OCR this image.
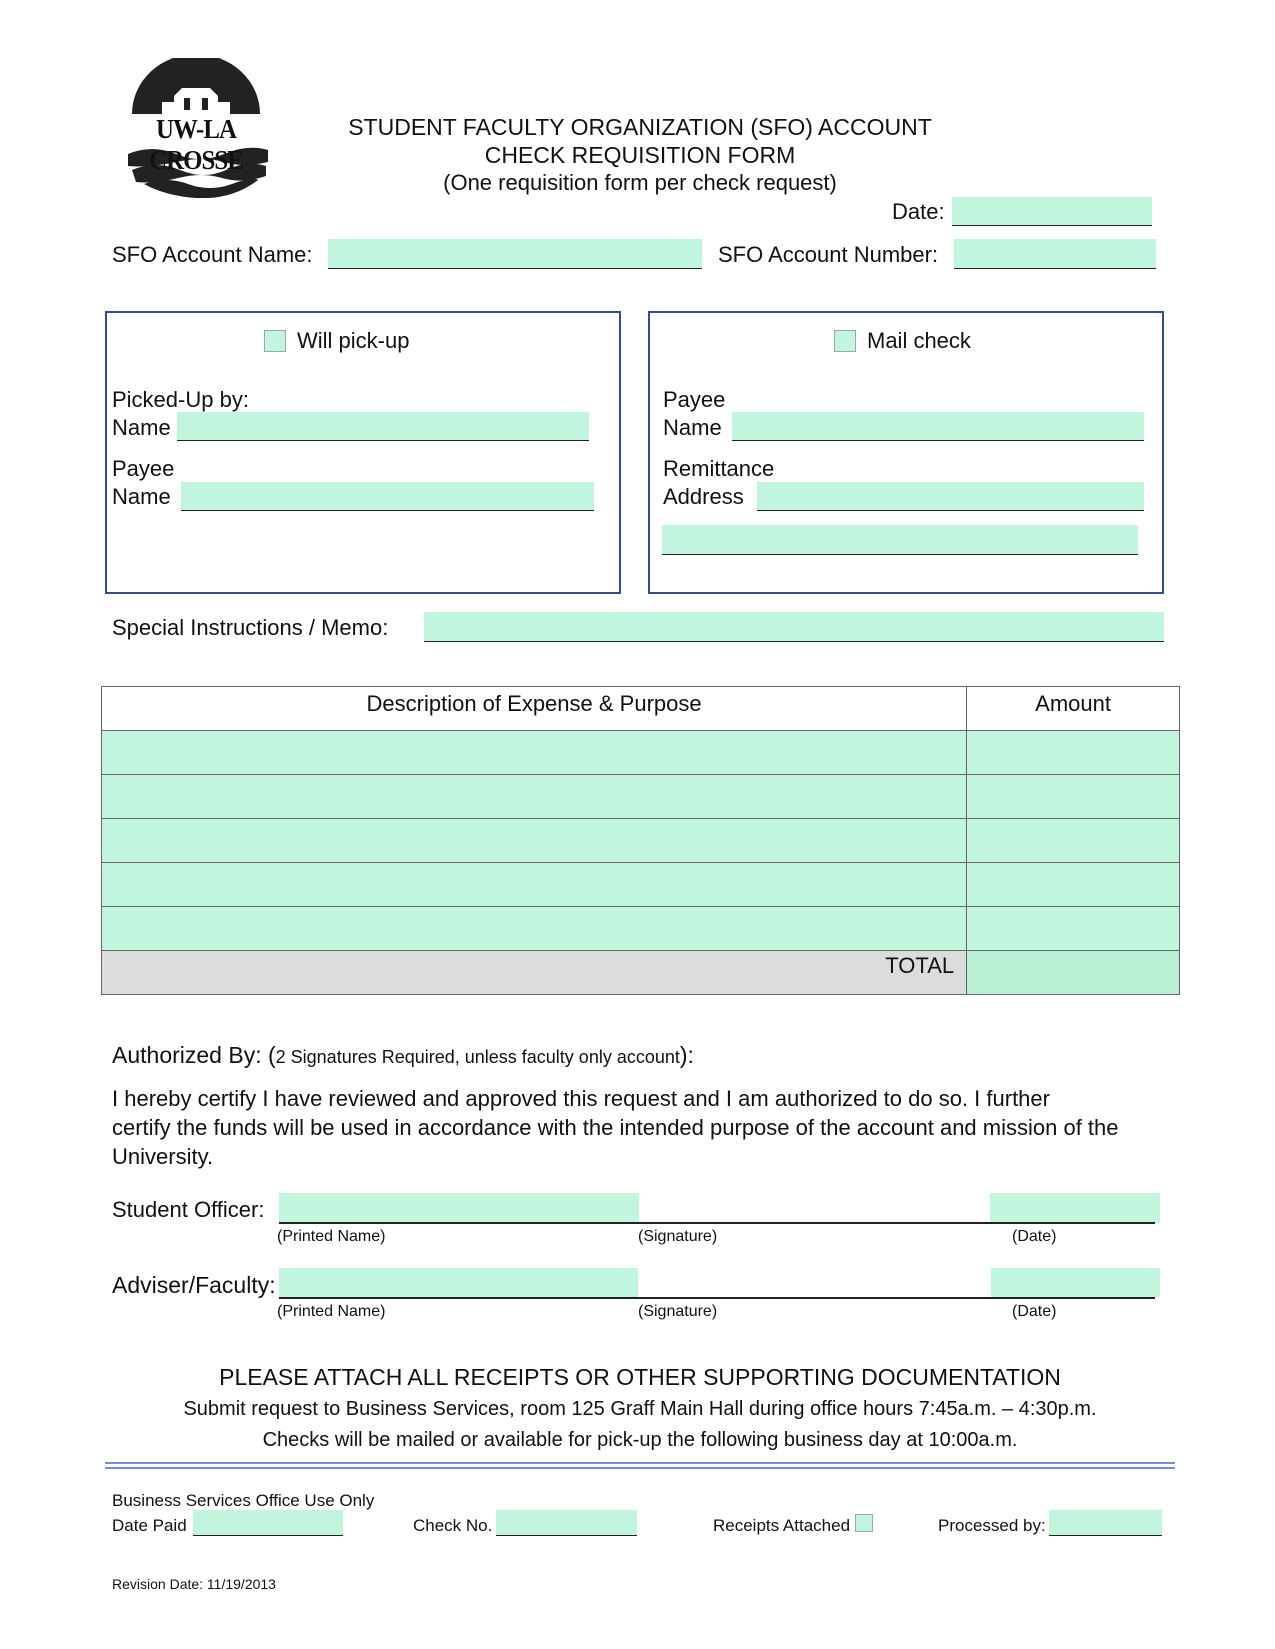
UW-LA CROSSE
STUDENT FACULTY ORGANIZATION (SFO) ACCOUNT
CHECK REQUISITION FORM
(One requisition form per check request)
Date:
SFO Account Name:	SFO Account Number:
Will pick-up
Picked-Up by:
Name
Payee
Name
Mail check
Payee
Name
Remittance
Address
Special Instructions / Memo:
Description of Expense & Purpose	Amount

TOTAL	
Authorized By: (2 Signatures Required, unless faculty only account):
I hereby certify I have reviewed and approved this request and I am authorized to do so. I further
certify the funds will be used in accordance with the intended purpose of the account and mission of the
University.
Student Officer:
(Printed Name)	(Signature)	(Date)
Adviser/Faculty:
(Printed Name)	(Signature)	(Date)
PLEASE ATTACH ALL RECEIPTS OR OTHER SUPPORTING DOCUMENTATION
Submit request to Business Services, room 125 Graff Main Hall during office hours 7:45a.m. – 4:30p.m.
Checks will be mailed or available for pick-up the following business day at 10:00a.m.
Business Services Office Use Only
Date Paid	Check No.	Receipts Attached	Processed by:
Revision Date: 11/19/2013
